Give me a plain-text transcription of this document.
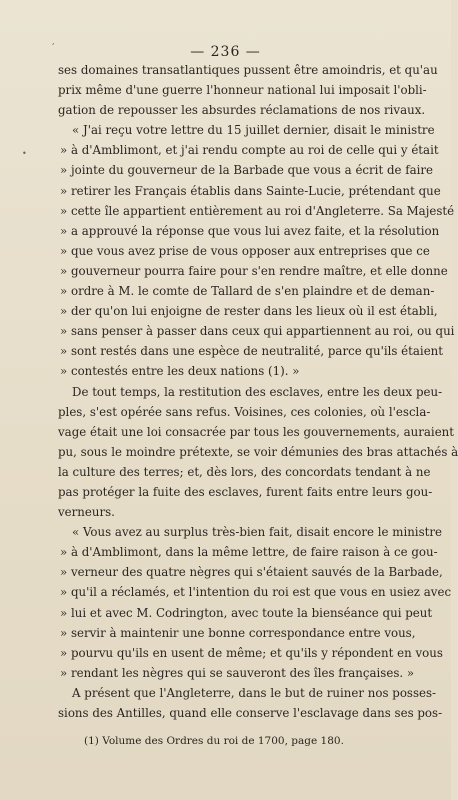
,
•
— 236 —
ses domaines transatlantiques pussent être amoindris, et qu'au
prix même d'une guerre l'honneur national lui imposait l'obli-
gation de repousser les absurdes réclamations de nos rivaux.
« J'ai reçu votre lettre du 15 juillet dernier, disait le ministre
» à d'Amblimont, et j'ai rendu compte au roi de celle qui y était
» jointe du gouverneur de la Barbade que vous a écrit de faire
» retirer les Français établis dans Sainte-Lucie, prétendant que
» cette île appartient entièrement au roi d'Angleterre. Sa Majesté
» a approuvé la réponse que vous lui avez faite, et la résolution
» que vous avez prise de vous opposer aux entreprises que ce
» gouverneur pourra faire pour s'en rendre maître, et elle donne
» ordre à M. le comte de Tallard de s'en plaindre et de deman-
» der qu'on lui enjoigne de rester dans les lieux où il est établi,
» sans penser à passer dans ceux qui appartiennent au roi, ou qui
» sont restés dans une espèce de neutralité, parce qu'ils étaient
» contestés entre les deux nations (1). »
De tout temps, la restitution des esclaves, entre les deux peu-
ples, s'est opérée sans refus. Voisines, ces colonies, où l'escla-
vage était une loi consacrée par tous les gouvernements, auraient
pu, sous le moindre prétexte, se voir démunies des bras attachés à
la culture des terres; et, dès lors, des concordats tendant à ne
pas protéger la fuite des esclaves, furent faits entre leurs gou-
verneurs.
« Vous avez au surplus très-bien fait, disait encore le ministre
» à d'Amblimont, dans la même lettre, de faire raison à ce gou-
» verneur des quatre nègres qui s'étaient sauvés de la Barbade,
» qu'il a réclamés, et l'intention du roi est que vous en usiez avec
» lui et avec M. Codrington, avec toute la bienséance qui peut
» servir à maintenir une bonne correspondance entre vous,
» pourvu qu'ils en usent de même; et qu'ils y répondent en vous
» rendant les nègres qui se sauveront des îles françaises. »
A présent que l'Angleterre, dans le but de ruiner nos posses-
sions des Antilles, quand elle conserve l'esclavage dans ses pos-
(1) Volume des Ordres du roi de 1700, page 180.
